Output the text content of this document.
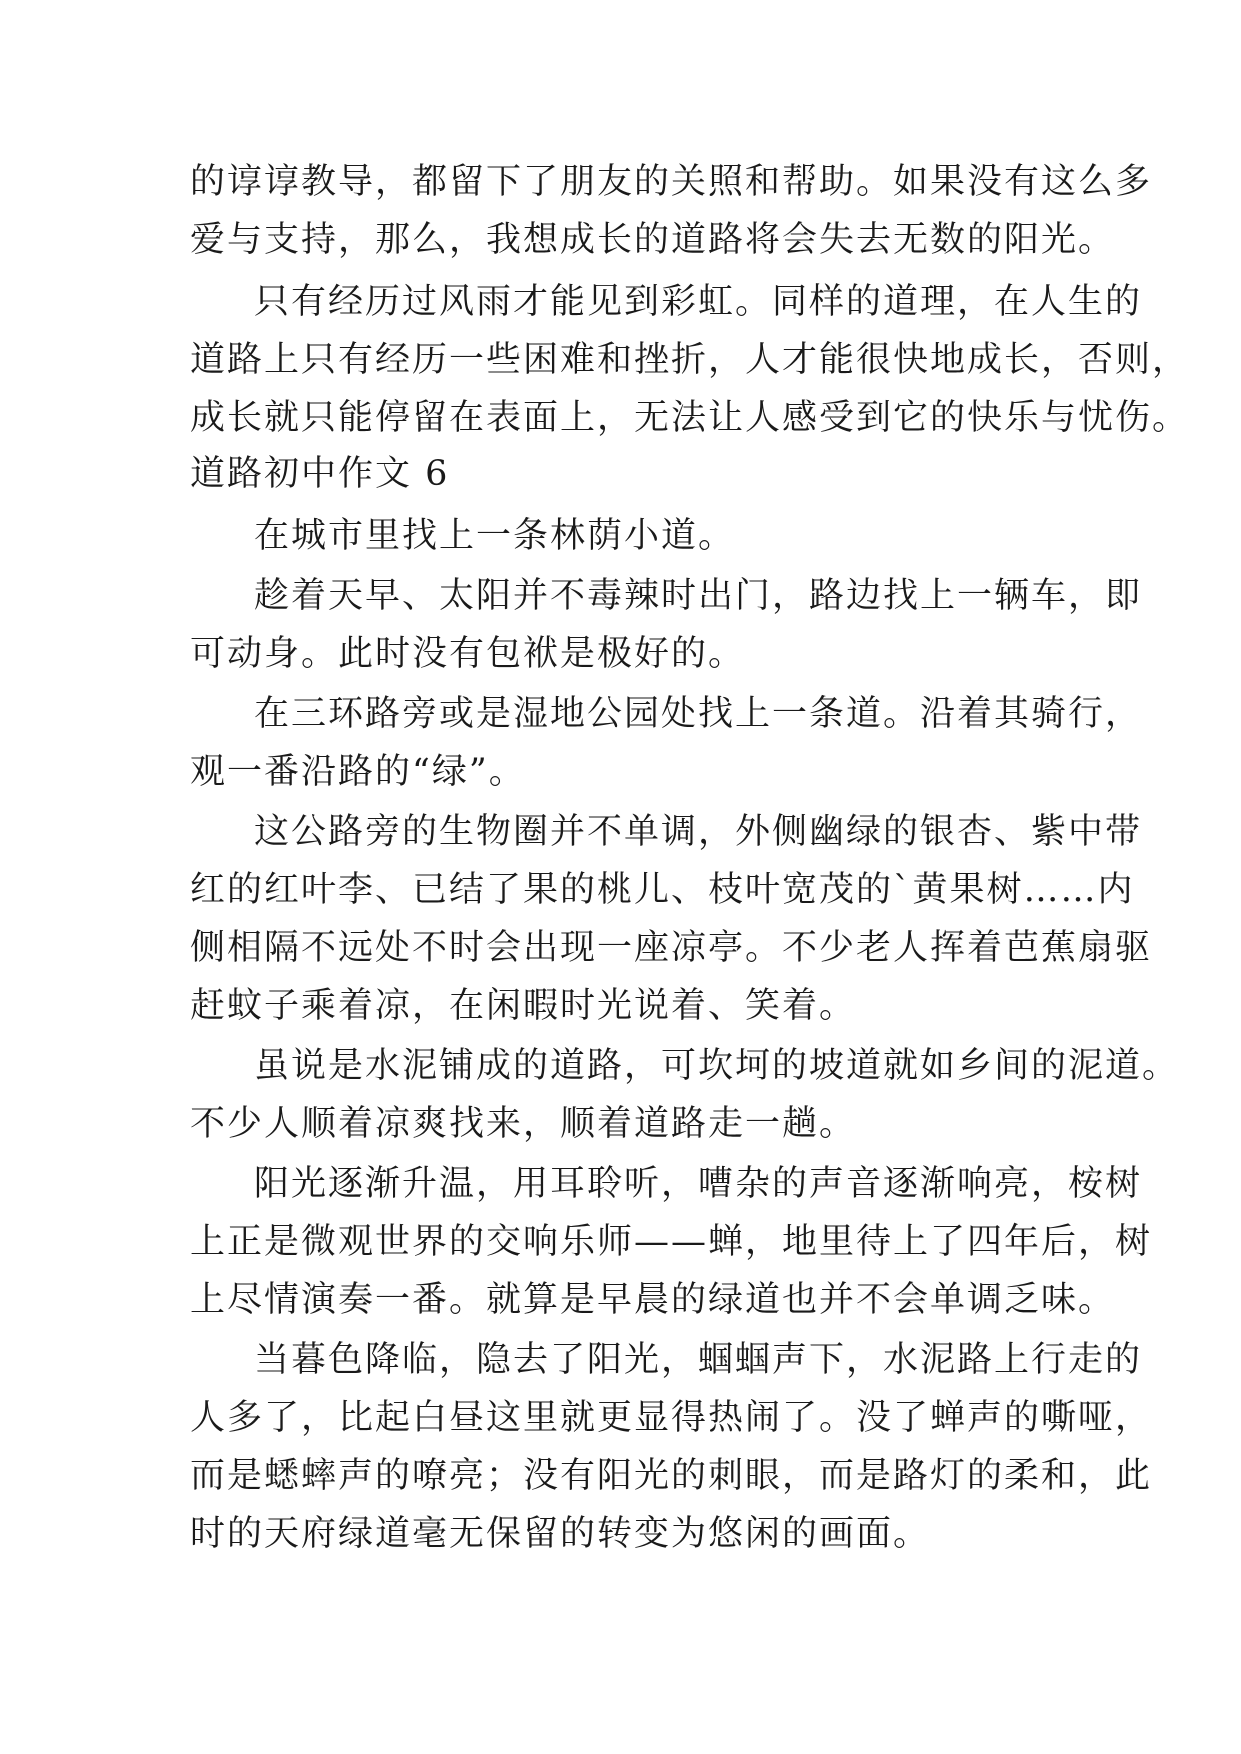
的谆谆教导，都留下了朋友的关照和帮助。如果没有这么多
爱与支持，那么，我想成长的道路将会失去无数的阳光。
只有经历过风雨才能见到彩虹。同样的道理，在人生的
道路上只有经历一些困难和挫折，人才能很快地成长，否则，
成长就只能停留在表面上，无法让人感受到它的快乐与忧伤。
道路初中作文 6
在城市里找上一条林荫小道。
趁着天早、太阳并不毒辣时出门，路边找上一辆车，即
可动身。此时没有包袱是极好的。
在三环路旁或是湿地公园处找上一条道。沿着其骑行，
观一番沿路的“绿”。
这公路旁的生物圈并不单调，外侧幽绿的银杏、紫中带
红的红叶李、已结了果的桃儿、枝叶宽茂的`黄果树……内
侧相隔不远处不时会出现一座凉亭。不少老人挥着芭蕉扇驱
赶蚊子乘着凉，在闲暇时光说着、笑着。
虽说是水泥铺成的道路，可坎坷的坡道就如乡间的泥道。
不少人顺着凉爽找来，顺着道路走一趟。
阳光逐渐升温，用耳聆听，嘈杂的声音逐渐响亮，桉树
上正是微观世界的交响乐师——蝉，地里待上了四年后，树
上尽情演奏一番。就算是早晨的绿道也并不会单调乏味。
当暮色降临，隐去了阳光，蝈蝈声下，水泥路上行走的
人多了，比起白昼这里就更显得热闹了。没了蝉声的嘶哑，
而是蟋蟀声的嘹亮；没有阳光的刺眼，而是路灯的柔和，此
时的天府绿道毫无保留的转变为悠闲的画面。
